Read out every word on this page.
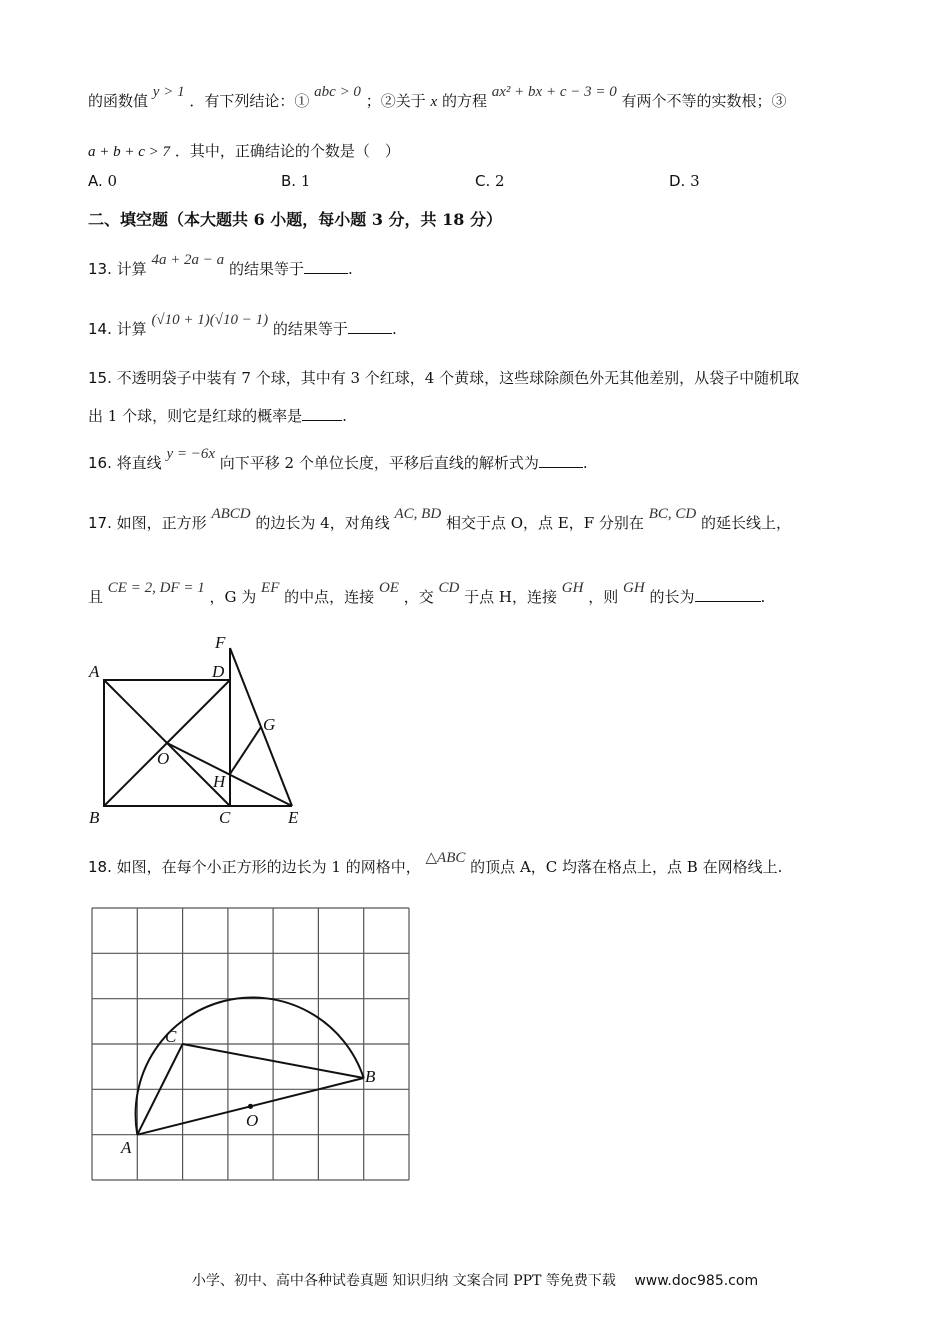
的函数值 y > 1 ．有下列结论：① abc > 0 ；②关于 x 的方程 ax² + bx + c − 3 = 0 有两个不等的实数根；③
a + b + c > 7 ．其中，正确结论的个数是（　）
A. 0	B. 1	C. 2	D. 3
二、填空题（本大题共 6 小题，每小题 3 分，共 18 分）
13. 计算 4a + 2a − a 的结果等于	.
14. 计算 (√10 + 1)(√10 − 1) 的结果等于	.
15. 不透明袋子中装有 7 个球，其中有 3 个红球，4 个黄球，这些球除颜色外无其他差别，从袋子中随机取
出 1 个球，则它是红球的概率是	.
16. 将直线 y = −6x 向下平移 2 个单位长度，平移后直线的解析式为	.
17. 如图，正方形 ABCD 的边长为 4，对角线 AC, BD 相交于点 O，点 E，F 分别在 BC, CD 的延长线上，
且 CE = 2, DF = 1 ，G 为 EF 的中点，连接 OE ，交 CD 于点 H，连接 GH ，则 GH 的长为	.
A
B	C
D
E
F
G
H
O
18. 如图，在每个小正方形的边长为 1 的网格中， △ABC 的顶点 A，C 均落在格点上，点 B 在网格线上.
A
B
C
O
小学、初中、高中各种试卷真题 知识归纳 文案合同 PPT 等免费下载 www.doc985.com
